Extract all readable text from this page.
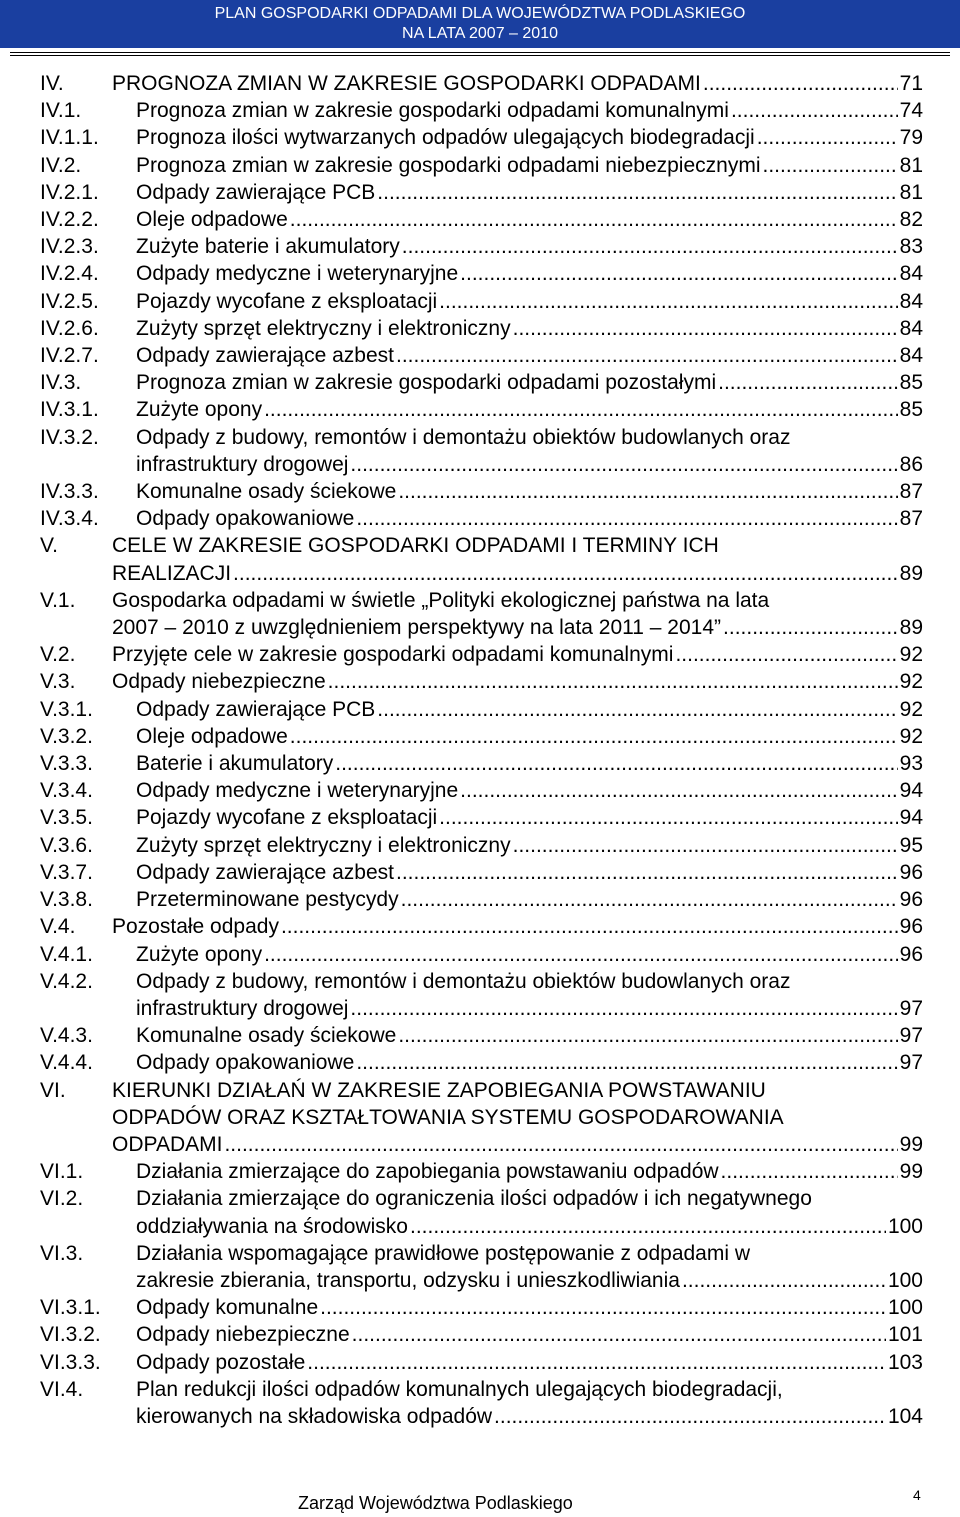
PLAN GOSPODARKI ODPADAMI DLA WOJEWÓDZTWA PODLASKIEGO
NA LATA 2007 – 2010
IV.	PROGNOZA ZMIAN W ZAKRESIE GOSPODARKI ODPADAMI .....	71
IV.1.	Prognoza zmian w zakresie gospodarki odpadami komunalnymi .....	74
IV.1.1.	Prognoza ilości wytwarzanych odpadów ulegających biodegradacji .....	79
IV.2.	Prognoza zmian w zakresie gospodarki odpadami niebezpiecznymi .....	81
IV.2.1.	Odpady zawierające PCB .....	81
IV.2.2.	Oleje odpadowe .....	82
IV.2.3.	Zużyte baterie i akumulatory .....	83
IV.2.4.	Odpady medyczne i weterynaryjne .....	84
IV.2.5.	Pojazdy wycofane z eksploatacji .....	84
IV.2.6.	Zużyty sprzęt elektryczny i elektroniczny .....	84
IV.2.7.	Odpady zawierające azbest .....	84
IV.3.	Prognoza zmian w zakresie gospodarki odpadami pozostałymi .....	85
IV.3.1.	Zużyte opony .....	85
IV.3.2.	Odpady z budowy, remontów i demontażu obiektów budowlanych oraz
infrastruktury drogowej .....	86
IV.3.3.	Komunalne osady ściekowe .....	87
IV.3.4.	Odpady opakowaniowe .....	87
V.	CELE W ZAKRESIE GOSPODARKI ODPADAMI I TERMINY ICH
REALIZACJI .....	89
V.1.	Gospodarka odpadami w świetle „Polityki ekologicznej państwa na lata
2007 – 2010 z uwzględnieniem perspektywy na lata 2011 – 2014” .....	89
V.2.	Przyjęte cele w zakresie gospodarki odpadami komunalnymi .....	92
V.3.	Odpady niebezpieczne .....	92
V.3.1.	Odpady zawierające PCB .....	92
V.3.2.	Oleje odpadowe .....	92
V.3.3.	Baterie i akumulatory .....	93
V.3.4.	Odpady medyczne i weterynaryjne .....	94
V.3.5.	Pojazdy wycofane z eksploatacji .....	94
V.3.6.	Zużyty sprzęt elektryczny i elektroniczny .....	95
V.3.7.	Odpady zawierające azbest .....	96
V.3.8.	Przeterminowane pestycydy .....	96
V.4.	Pozostałe odpady .....	96
V.4.1.	Zużyte opony .....	96
V.4.2.	Odpady z budowy, remontów i demontażu obiektów budowlanych oraz
infrastruktury drogowej .....	97
V.4.3.	Komunalne osady ściekowe .....	97
V.4.4.	Odpady opakowaniowe .....	97
VI.	KIERUNKI DZIAŁAŃ W ZAKRESIE ZAPOBIEGANIA POWSTAWANIU
ODPADÓW ORAZ KSZTAŁTOWANIA SYSTEMU GOSPODAROWANIA
ODPADAMI .....	99
VI.1.	Działania zmierzające do zapobiegania powstawaniu odpadów .....	99
VI.2.	Działania zmierzające do ograniczenia ilości odpadów i ich negatywnego
oddziaływania na środowisko .....	100
VI.3.	Działania wspomagające prawidłowe postępowanie z odpadami w
zakresie zbierania, transportu, odzysku i unieszkodliwiania .....	100
VI.3.1.	Odpady komunalne .....	100
VI.3.2.	Odpady niebezpieczne .....	101
VI.3.3.	Odpady pozostałe .....	103
VI.4.	Plan redukcji ilości odpadów komunalnych ulegających biodegradacji,
kierowanych na składowiska odpadów .....	104
Zarząd Województwa Podlaskiego	4
